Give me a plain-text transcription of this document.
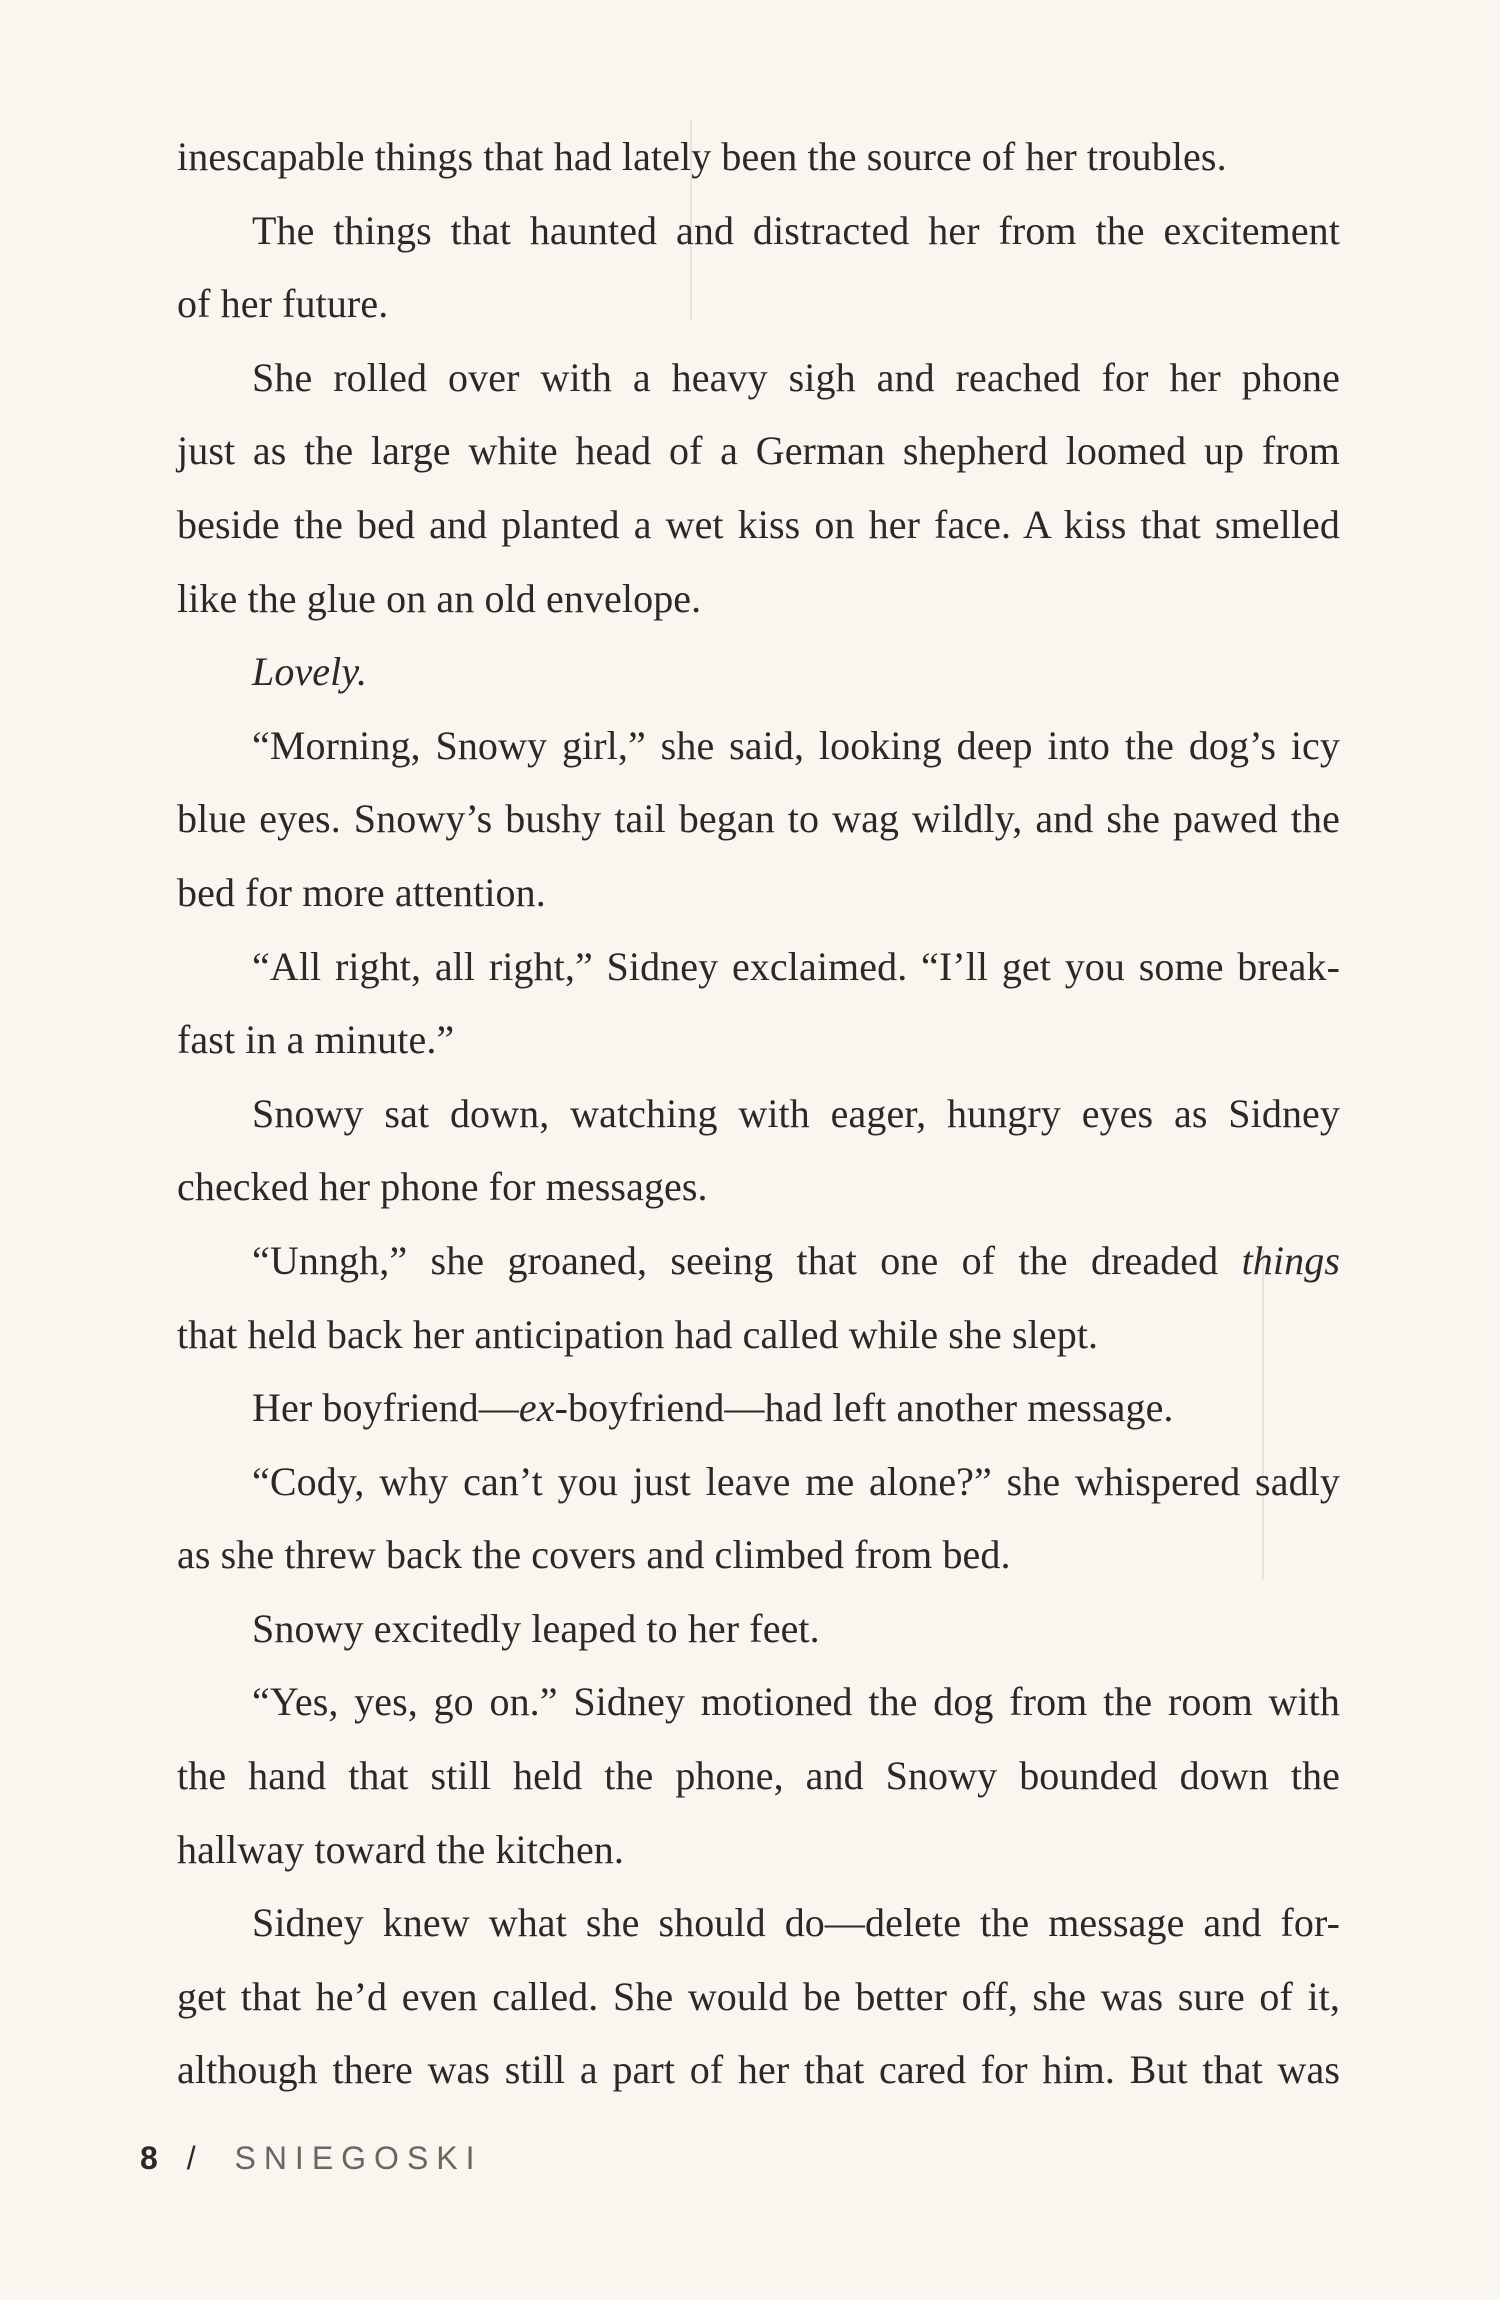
inescapable things that had lately been the source of her troubles.
The things that haunted and distracted her from the excitement
of her future.
She rolled over with a heavy sigh and reached for her phone
just as the large white head of a German shepherd loomed up from
beside the bed and planted a wet kiss on her face. A kiss that smelled
like the glue on an old envelope.
Lovely.
“Morning, Snowy girl,” she said, looking deep into the dog’s icy
blue eyes. Snowy’s bushy tail began to wag wildly, and she pawed the
bed for more attention.
“All right, all right,” Sidney exclaimed. “I’ll get you some break-
fast in a minute.”
Snowy sat down, watching with eager, hungry eyes as Sidney
checked her phone for messages.
“Unngh,” she groaned, seeing that one of the dreaded things
that held back her anticipation had called while she slept.
Her boyfriend—ex-boyfriend—had left another message.
“Cody, why can’t you just leave me alone?” she whispered sadly
as she threw back the covers and climbed from bed.
Snowy excitedly leaped to her feet.
“Yes, yes, go on.” Sidney motioned the dog from the room with
the hand that still held the phone, and Snowy bounded down the
hallway toward the kitchen.
Sidney knew what she should do—delete the message and for-
get that he’d even called. She would be better off, she was sure of it,
although there was still a part of her that cared for him. But that was
8 / SNIEGOSKI
